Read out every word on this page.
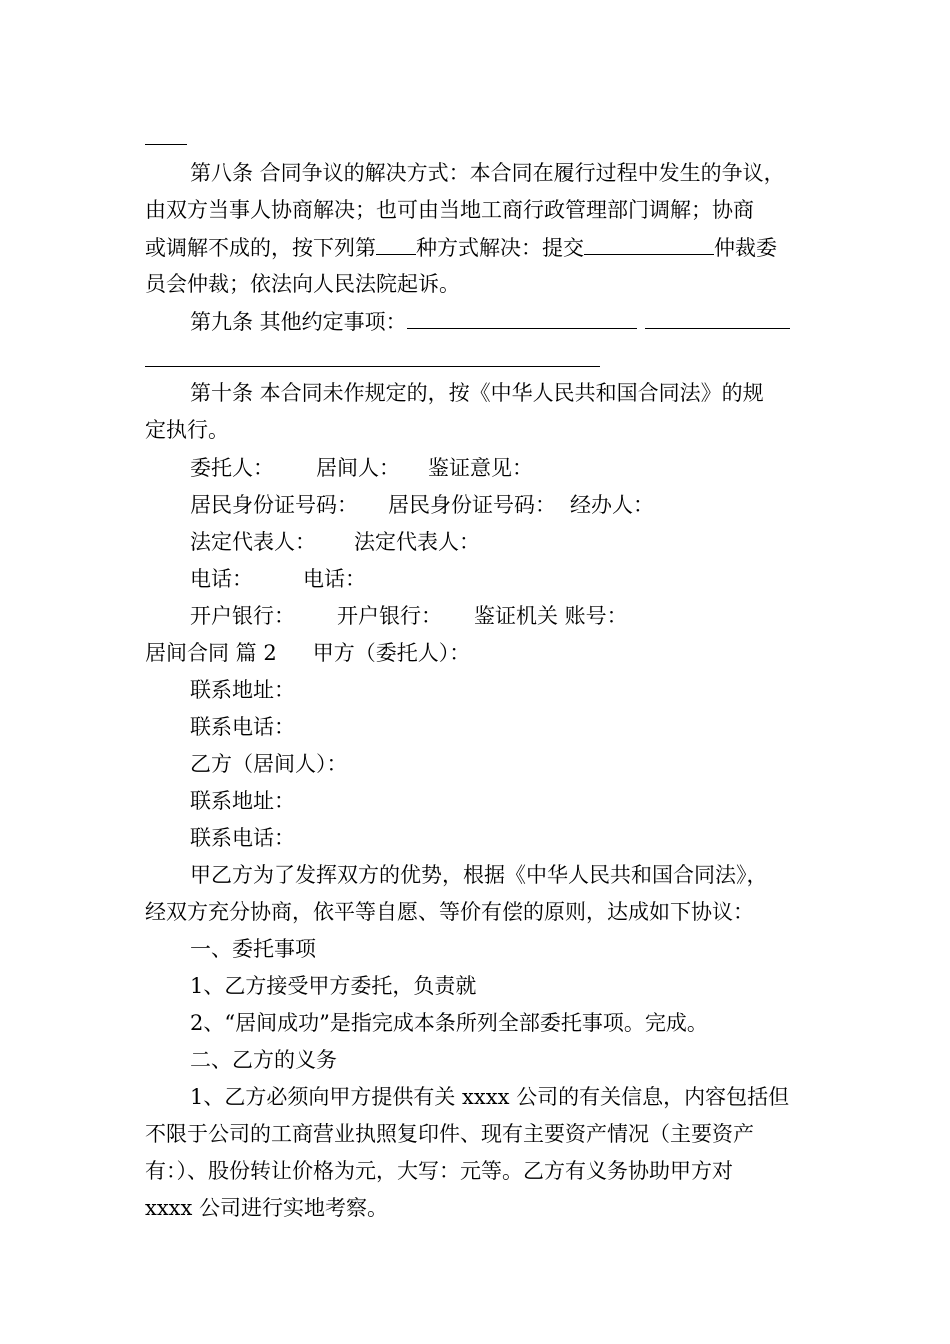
第八条 合同争议的解决方式：本合同在履行过程中发生的争议，
由双方当事人协商解决；也可由当地工商行政管理部门调解；协商
或调解不成的，按下列第 种方式解决：提交	仲裁委
员会仲裁；依法向人民法院起诉。
第九条 其他约定事项：
第十条 本合同未作规定的，按《中华人民共和国合同法》的规
定执行。
委托人： 居间人： 鉴证意见：
居民身份证号码： 居民身份证号码： 经办人：
法定代表人： 法定代表人：
电话： 电话：
开户银行： 开户银行： 鉴证机关 账号：
居间合同 篇 2 甲方（委托人）：
联系地址：
联系电话：
乙方（居间人）：
联系地址：
联系电话：
甲乙方为了发挥双方的优势，根据《中华人民共和国合同法》，
经双方充分协商，依平等自愿、等价有偿的原则，达成如下协议：
一、委托事项
1、乙方接受甲方委托，负责就
2、“居间成功”是指完成本条所列全部委托事项。完成。
二、乙方的义务
1、乙方必须向甲方提供有关 xxxx 公司的有关信息，内容包括但
不限于公司的工商营业执照复印件、现有主要资产情况（主要资产
有：）、股份转让价格为元，大写：元等。乙方有义务协助甲方对
xxxx 公司进行实地考察。
